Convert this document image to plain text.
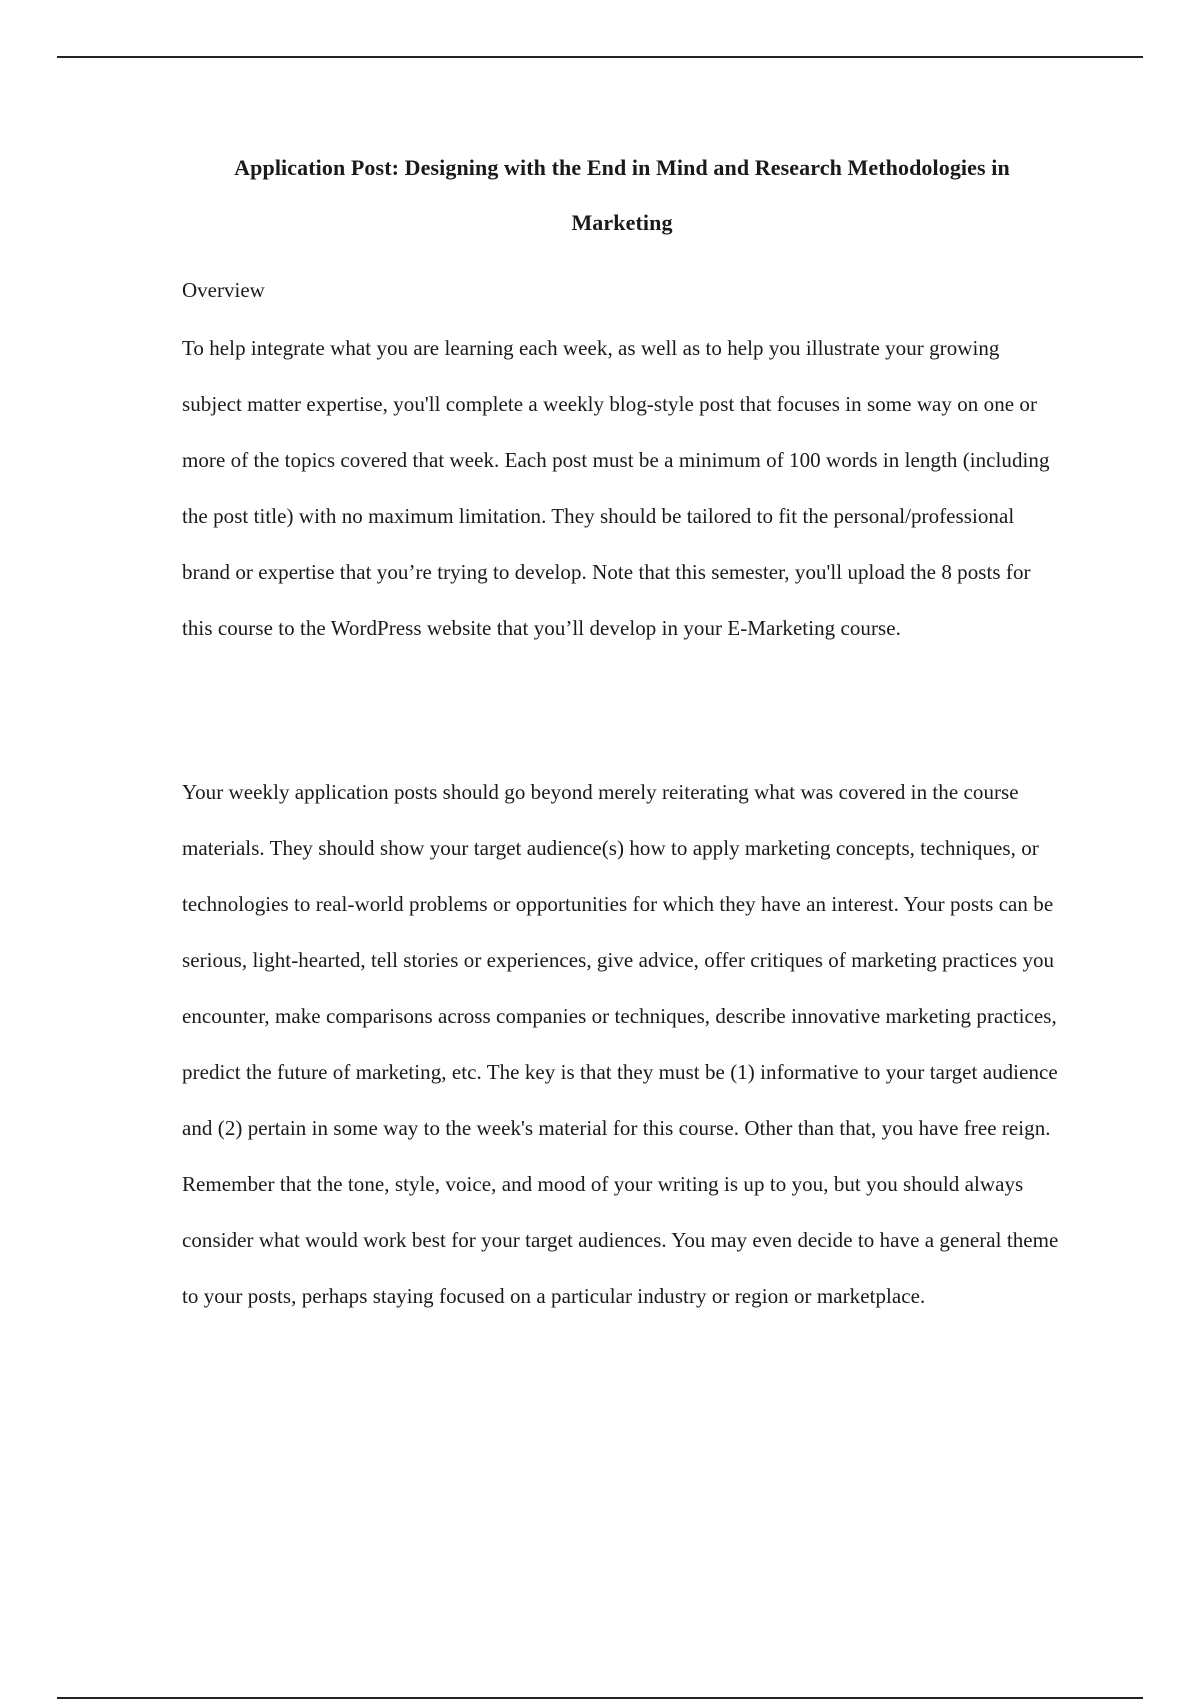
Application Post: Designing with the End in Mind and Research Methodologies in Marketing
Overview

To help integrate what you are learning each week, as well as to help you illustrate your growing subject matter expertise, you'll complete a weekly blog-style post that focuses in some way on one or more of the topics covered that week. Each post must be a minimum of 100 words in length (including the post title) with no maximum limitation. They should be tailored to fit the personal/professional brand or expertise that you’re trying to develop. Note that this semester, you'll upload the 8 posts for this course to the WordPress website that you’ll develop in your E-Marketing course.

Your weekly application posts should go beyond merely reiterating what was covered in the course materials. They should show your target audience(s) how to apply marketing concepts, techniques, or technologies to real-world problems or opportunities for which they have an interest. Your posts can be serious, light-hearted, tell stories or experiences, give advice, offer critiques of marketing practices you encounter, make comparisons across companies or techniques, describe innovative marketing practices, predict the future of marketing, etc. The key is that they must be (1) informative to your target audience and (2) pertain in some way to the week's material for this course. Other than that, you have free reign. Remember that the tone, style, voice, and mood of your writing is up to you, but you should always consider what would work best for your target audiences. You may even decide to have a general theme to your posts, perhaps staying focused on a particular industry or region or marketplace.
